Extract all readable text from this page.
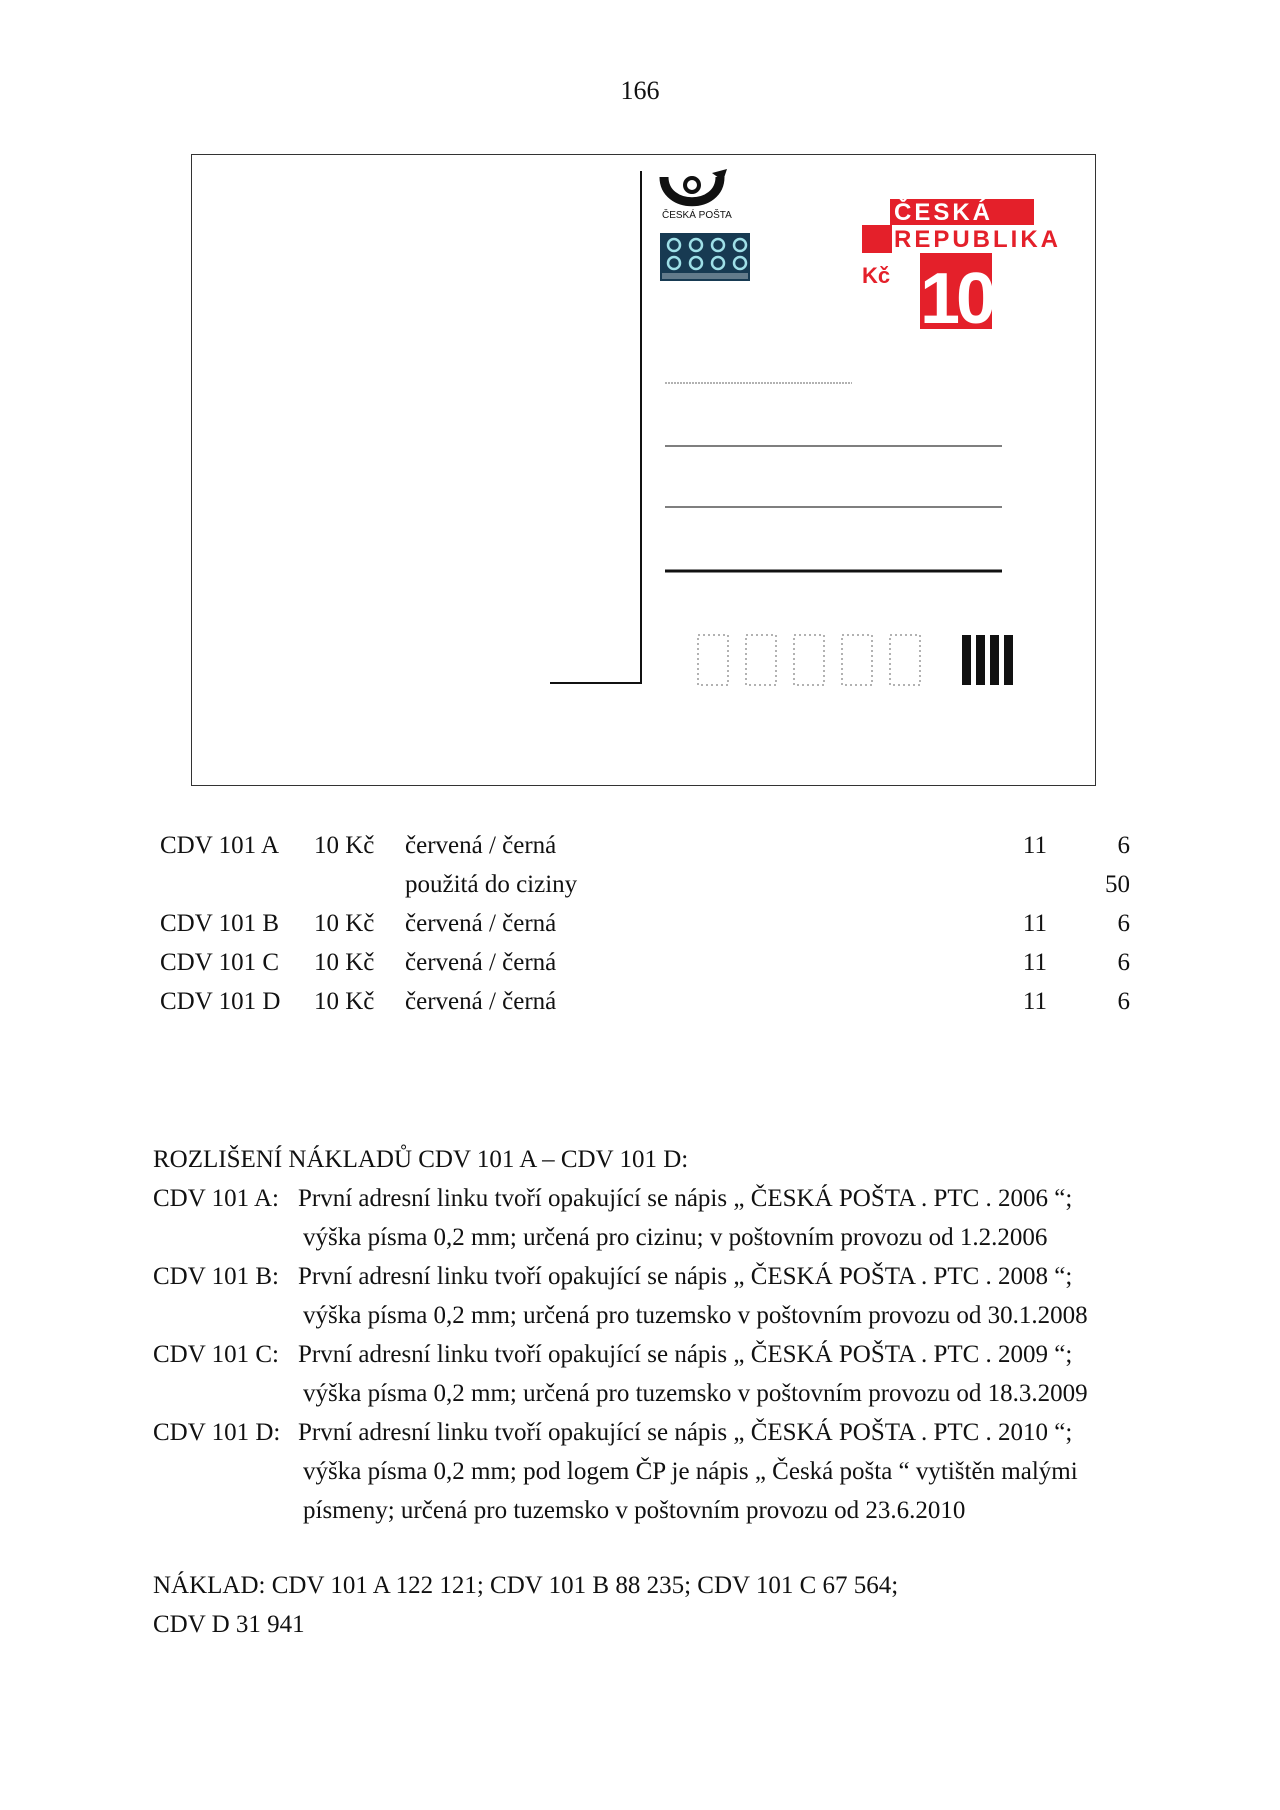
166
ČESKÁ POŠTA	ČESKÁ
REPUBLIKA
Kč 10
CDV 101 A 10 Kč červená / černá	11	6
použitá do ciziny	50
CDV 101 B 10 Kč červená / černá	11	6
CDV 101 C 10 Kč červená / černá	11	6
CDV 101 D 10 Kč červená / černá	11	6
ROZLIŠENÍ NÁKLADŮ CDV 101 A – CDV 101 D:
CDV 101 A: První adresní linku tvoří opakující se nápis „ ČESKÁ POŠTA . PTC . 2006 “;
výška písma 0,2 mm; určená pro cizinu; v poštovním provozu od 1.2.2006
CDV 101 B: První adresní linku tvoří opakující se nápis „ ČESKÁ POŠTA . PTC . 2008 “;
výška písma 0,2 mm; určená pro tuzemsko v poštovním provozu od 30.1.2008
CDV 101 C: První adresní linku tvoří opakující se nápis „ ČESKÁ POŠTA . PTC . 2009 “;
výška písma 0,2 mm; určená pro tuzemsko v poštovním provozu od 18.3.2009
CDV 101 D: První adresní linku tvoří opakující se nápis „ ČESKÁ POŠTA . PTC . 2010 “;
výška písma 0,2 mm; pod logem ČP je nápis „ Česká pošta “ vytištěn malými
písmeny; určená pro tuzemsko v poštovním provozu od 23.6.2010
NÁKLAD: CDV 101 A 122 121; CDV 101 B 88 235; CDV 101 C 67 564;
CDV D 31 941
